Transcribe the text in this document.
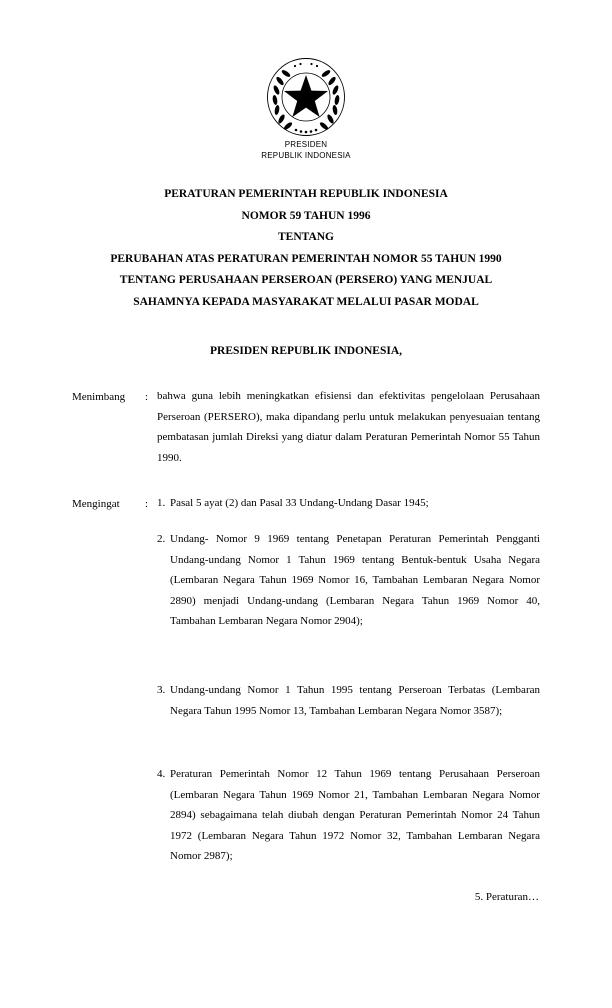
PRESIDEN
REPUBLIK INDONESIA
PERATURAN PEMERINTAH REPUBLIK INDONESIA
NOMOR 59 TAHUN 1996
TENTANG
PERUBAHAN ATAS PERATURAN PEMERINTAH NOMOR 55 TAHUN 1990
TENTANG PERUSAHAAN PERSEROAN (PERSERO) YANG MENJUAL
SAHAMNYA KEPADA MASYARAKAT MELALUI PASAR MODAL
PRESIDEN REPUBLIK INDONESIA,
Menimbang : bahwa guna lebih meningkatkan efisiensi dan efektivitas pengelolaan Perusahaan Perseroan (PERSERO), maka dipandang perlu untuk melakukan penyesuaian tentang pembatasan jumlah Direksi yang diatur dalam Peraturan Pemerintah Nomor 55 Tahun 1990.
Mengingat : 1. Pasal 5 ayat (2) dan Pasal 33 Undang-Undang Dasar 1945;
2. Undang- Nomor 9 1969 tentang Penetapan Peraturan Pemerintah Pengganti Undang-undang Nomor 1 Tahun 1969 tentang Bentuk-bentuk Usaha Negara (Lembaran Negara Tahun 1969 Nomor 16, Tambahan Lembaran Negara Nomor 2890) menjadi Undang-undang (Lembaran Negara Tahun 1969 Nomor 40, Tambahan Lembaran Negara Nomor 2904);
3. Undang-undang Nomor 1 Tahun 1995 tentang Perseroan Terbatas (Lembaran Negara Tahun 1995 Nomor 13, Tambahan Lembaran Negara Nomor 3587);
4. Peraturan Pemerintah Nomor 12 Tahun 1969 tentang Perusahaan Perseroan (Lembaran Negara Tahun 1969 Nomor 21, Tambahan Lembaran Negara Nomor 2894) sebagaimana telah diubah dengan Peraturan Pemerintah Nomor 24 Tahun 1972 (Lembaran Negara Tahun 1972 Nomor 32, Tambahan Lembaran Negara Nomor 2987);
5. Peraturan…
